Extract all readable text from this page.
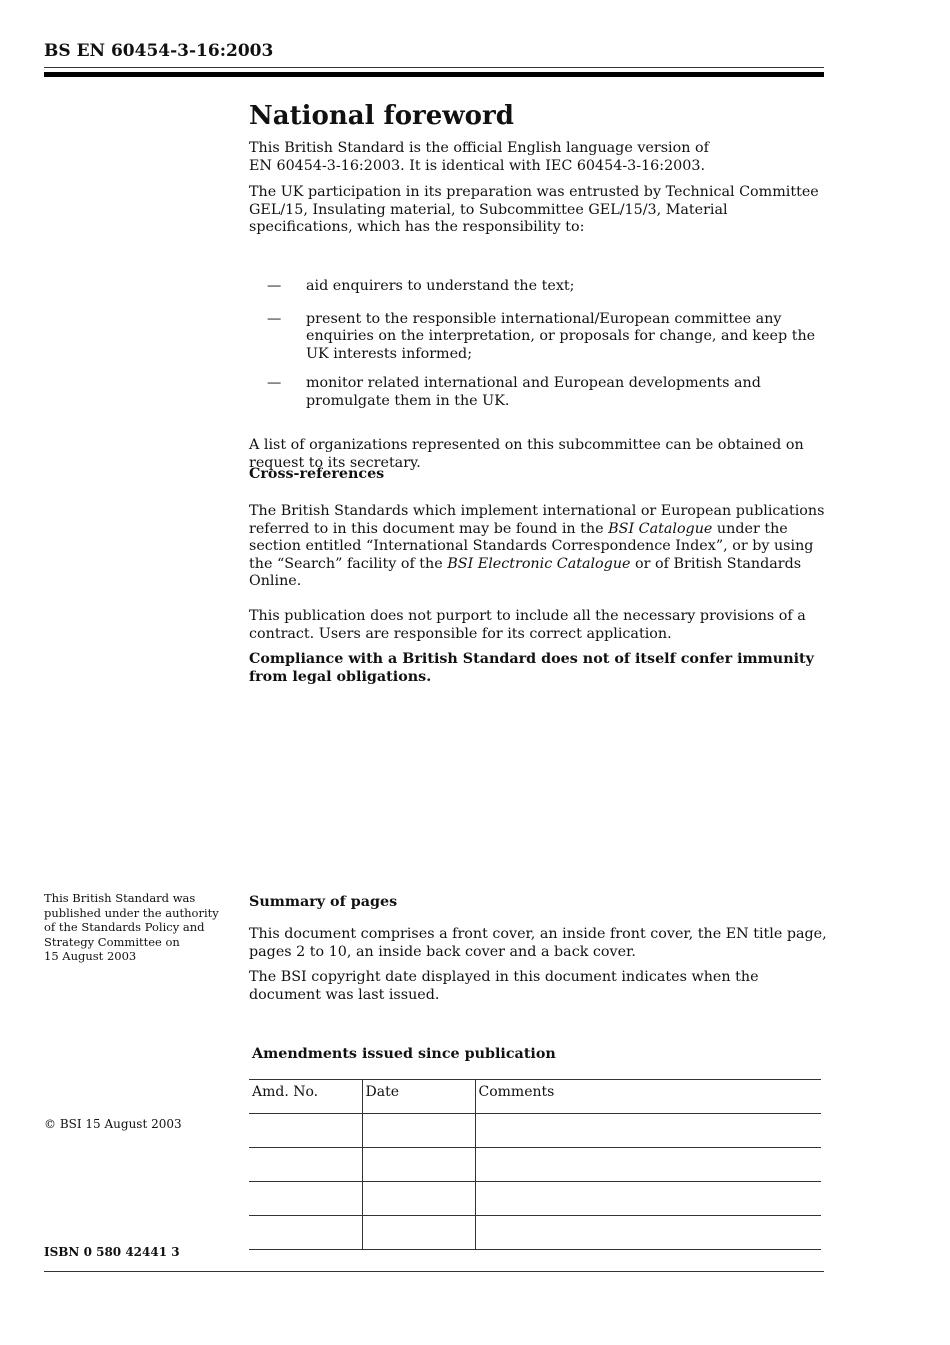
BS EN 60454-3-16:2003
National foreword
This British Standard is the official English language version of
EN 60454-3-16:2003. It is identical with IEC 60454-3-16:2003.

The UK participation in its preparation was entrusted by Technical Committee GEL/15, Insulating material, to Subcommittee GEL/15/3, Material specifications, which has the responsibility to:

—	aid enquirers to understand the text;
—	present to the responsible international/European committee any enquiries on the interpretation, or proposals for change, and keep the UK interests informed;
—	monitor related international and European developments and promulgate them in the UK.

A list of organizations represented on this subcommittee can be obtained on request to its secretary.

Cross-references

The British Standards which implement international or European publications referred to in this document may be found in the BSI Catalogue under the section entitled “International Standards Correspondence Index”, or by using the “Search” facility of the BSI Electronic Catalogue or of British Standards Online.

This publication does not purport to include all the necessary provisions of a contract. Users are responsible for its correct application.

Compliance with a British Standard does not of itself confer immunity from legal obligations.

This British Standard was
published under the authority
of the Standards Policy and
Strategy Committee on
15 August 2003
Summary of pages

This document comprises a front cover, an inside front cover, the EN title page, pages 2 to 10, an inside back cover and a back cover.

The BSI copyright date displayed in this document indicates when the document was last issued.

Amendments issued since publication
Amd. No.	Date	Comments

© BSI 15 August 2003
ISBN 0 580 42441 3
